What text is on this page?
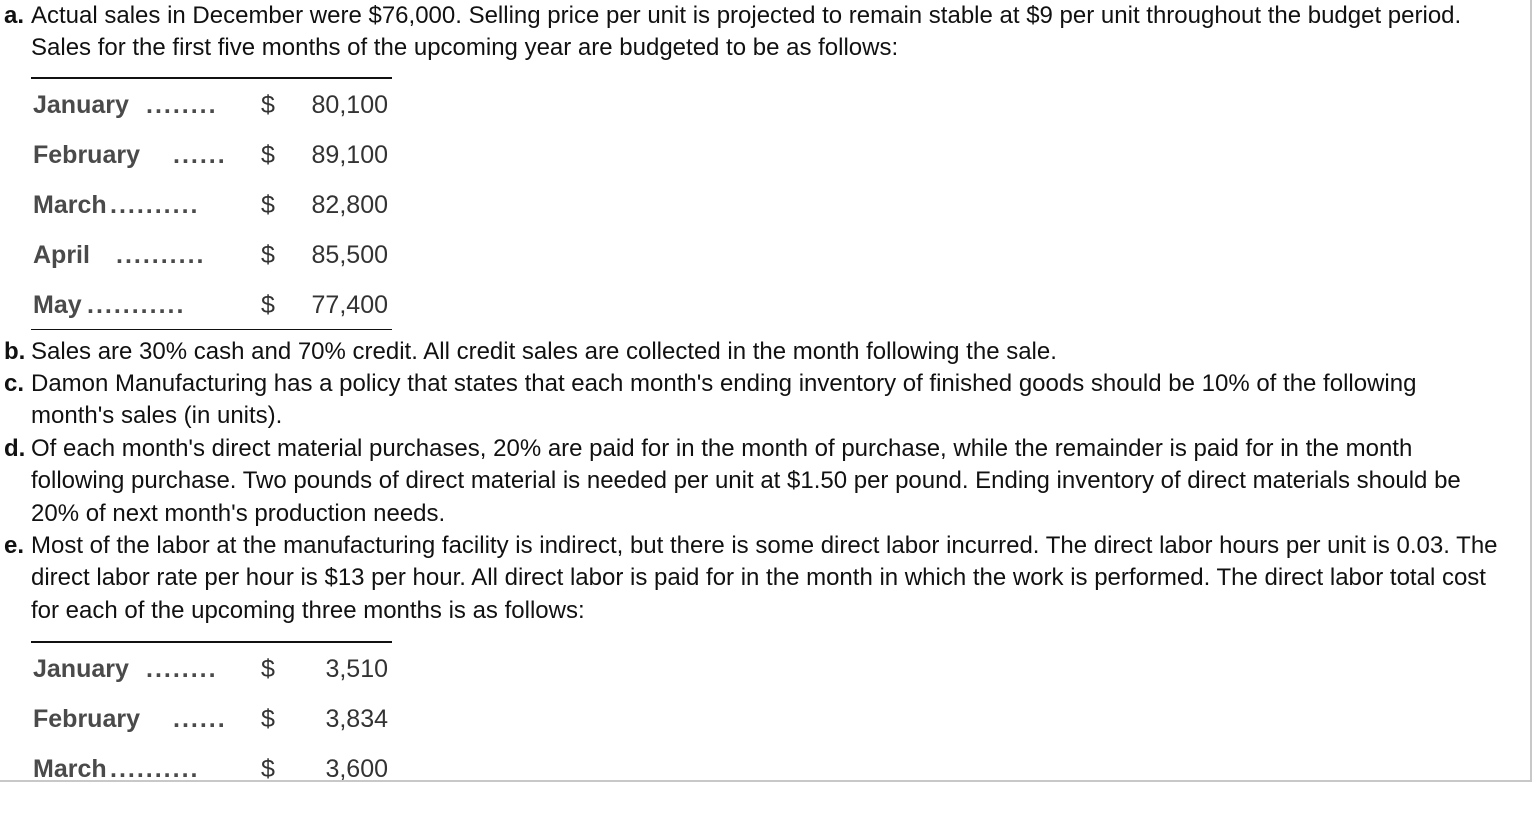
a. Actual sales in December were $76,000. Selling price per unit is projected to remain stable at $9 per unit throughout the budget period. Sales for the first five months of the upcoming year are budgeted to be as follows:
January ........ $ 80,100
February ...... $ 89,100
March .......... $ 82,800
April .......... $ 85,500
May ...........	$ 77,400
b. Sales are 30% cash and 70% credit. All credit sales are collected in the month following the sale.
c. Damon Manufacturing has a policy that states that each month's ending inventory of finished goods should be 10% of the following month's sales (in units).
d. Of each month's direct material purchases, 20% are paid for in the month of purchase, while the remainder is paid for in the month following purchase. Two pounds of direct material is needed per unit at $1.50 per pound. Ending inventory of direct materials should be 20% of next month's production needs.
e. Most of the labor at the manufacturing facility is indirect, but there is some direct labor incurred. The direct labor hours per unit is 0.03. The direct labor rate per hour is $13 per hour. All direct labor is paid for in the month in which the work is performed. The direct labor total cost for each of the upcoming three months is as follows:
January ........ $ 3,510
February ...... $ 3,834
March .......... $ 3,600
